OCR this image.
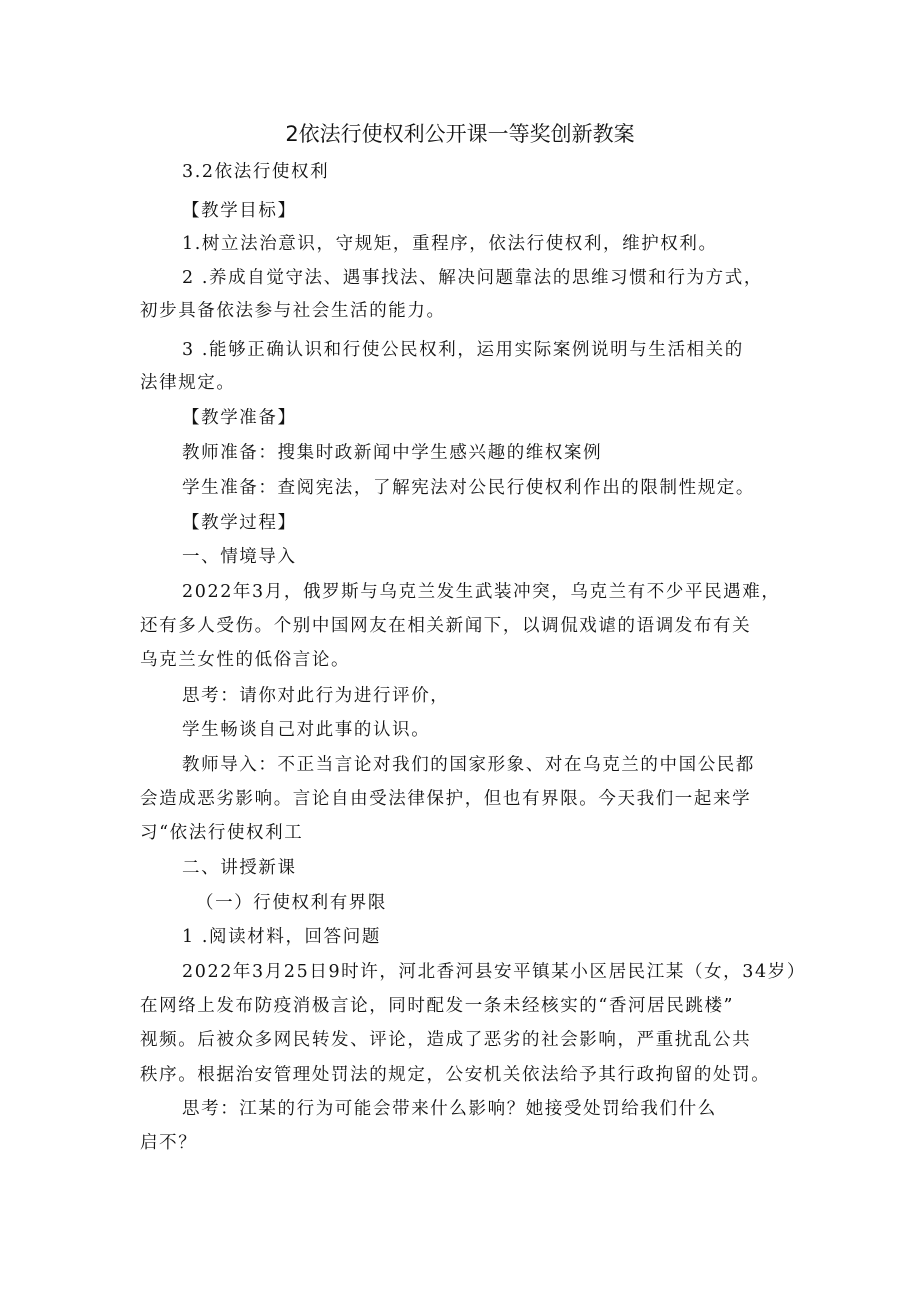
2依法行使权利公开课一等奖创新教案
3.2依法行使权利
【教学目标】
1.树立法治意识，守规矩，重程序，依法行使权利，维护权利。
2 .养成自觉守法、遇事找法、解决问题靠法的思维习惯和行为方式，
初步具备依法参与社会生活的能力。
3 .能够正确认识和行使公民权利，运用实际案例说明与生活相关的
法律规定。
【教学准备】
教师准备：搜集时政新闻中学生感兴趣的维权案例
学生准备：查阅宪法，了解宪法对公民行使权利作出的限制性规定。
【教学过程】
一、情境导入
2022年3月，俄罗斯与乌克兰发生武装冲突，乌克兰有不少平民遇难，
还有多人受伤。个别中国网友在相关新闻下，以调侃戏谑的语调发布有关
乌克兰女性的低俗言论。
思考：请你对此行为进行评价，
学生畅谈自己对此事的认识。
教师导入：不正当言论对我们的国家形象、对在乌克兰的中国公民都
会造成恶劣影响。言论自由受法律保护，但也有界限。今天我们一起来学
习“依法行使权利工
二、讲授新课
（一）行使权利有界限
1 .阅读材料，回答问题
2022年3月25日9时许，河北香河县安平镇某小区居民江某（女，34岁）
在网络上发布防疫消极言论，同时配发一条未经核实的“香河居民跳楼”
视频。后被众多网民转发、评论，造成了恶劣的社会影响，严重扰乱公共
秩序。根据治安管理处罚法的规定，公安机关依法给予其行政拘留的处罚。
思考：江某的行为可能会带来什么影响？她接受处罚给我们什么
启不？
